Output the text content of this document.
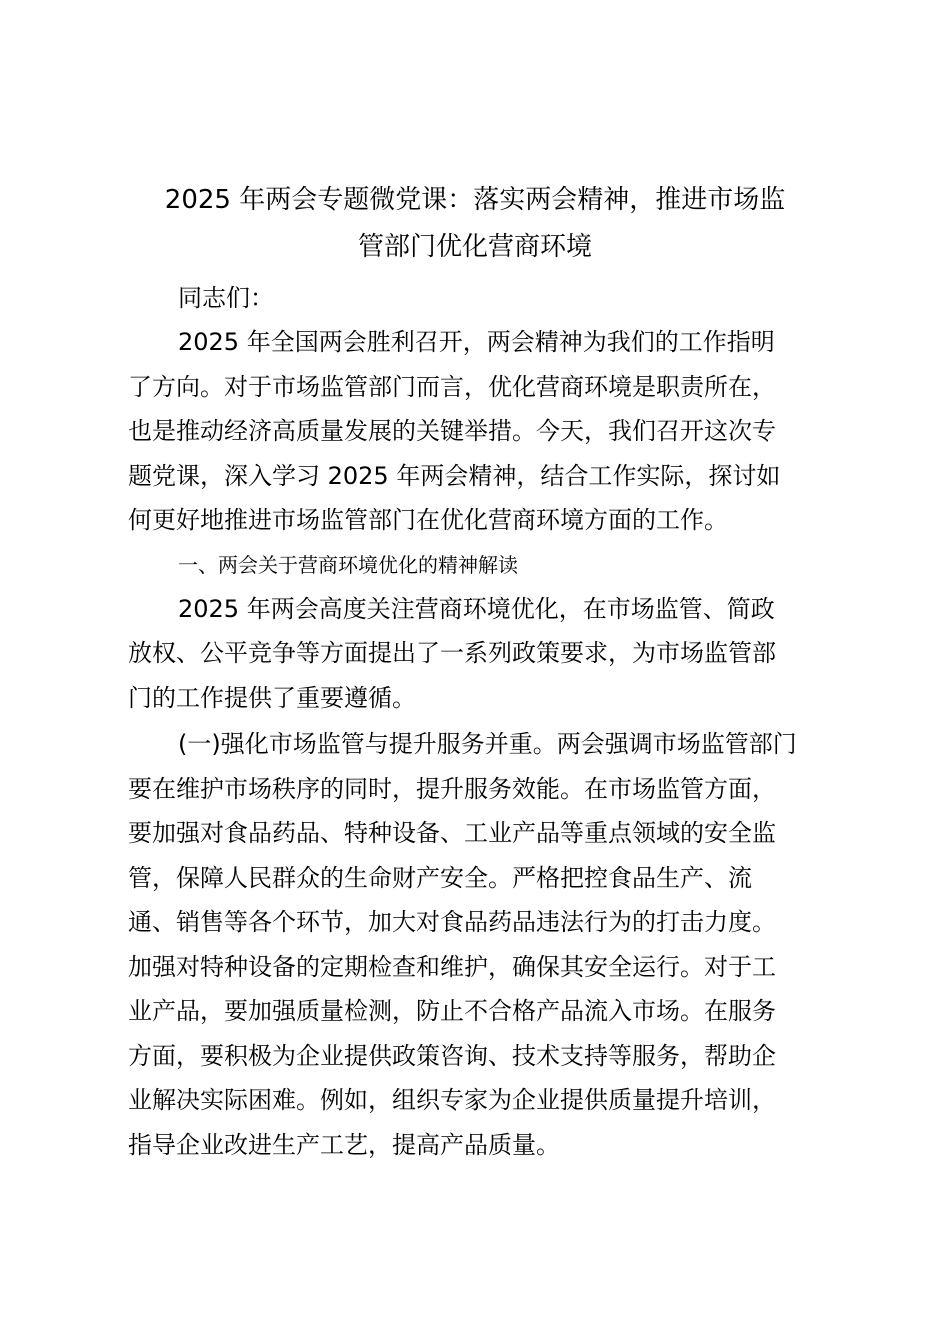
2025 年两会专题微党课：落实两会精神，推进市场监
管部门优化营商环境

同志们：

2025 年全国两会胜利召开，两会精神为我们的工作指明

了方向。对于市场监管部门而言，优化营商环境是职责所在，

也是推动经济高质量发展的关键举措。今天，我们召开这次专

题党课，深入学习 2025 年两会精神，结合工作实际，探讨如

何更好地推进市场监管部门在优化营商环境方面的工作。

一、两会关于营商环境优化的精神解读

2025 年两会高度关注营商环境优化，在市场监管、简政

放权、公平竞争等方面提出了一系列政策要求，为市场监管部

门的工作提供了重要遵循。

(一)强化市场监管与提升服务并重。两会强调市场监管部门

要在维护市场秩序的同时，提升服务效能。在市场监管方面，

要加强对食品药品、特种设备、工业产品等重点领域的安全监

管，保障人民群众的生命财产安全。严格把控食品生产、流

通、销售等各个环节，加大对食品药品违法行为的打击力度。

加强对特种设备的定期检查和维护，确保其安全运行。对于工

业产品，要加强质量检测，防止不合格产品流入市场。在服务

方面，要积极为企业提供政策咨询、技术支持等服务，帮助企

业解决实际困难。例如，组织专家为企业提供质量提升培训，

指导企业改进生产工艺，提高产品质量。
